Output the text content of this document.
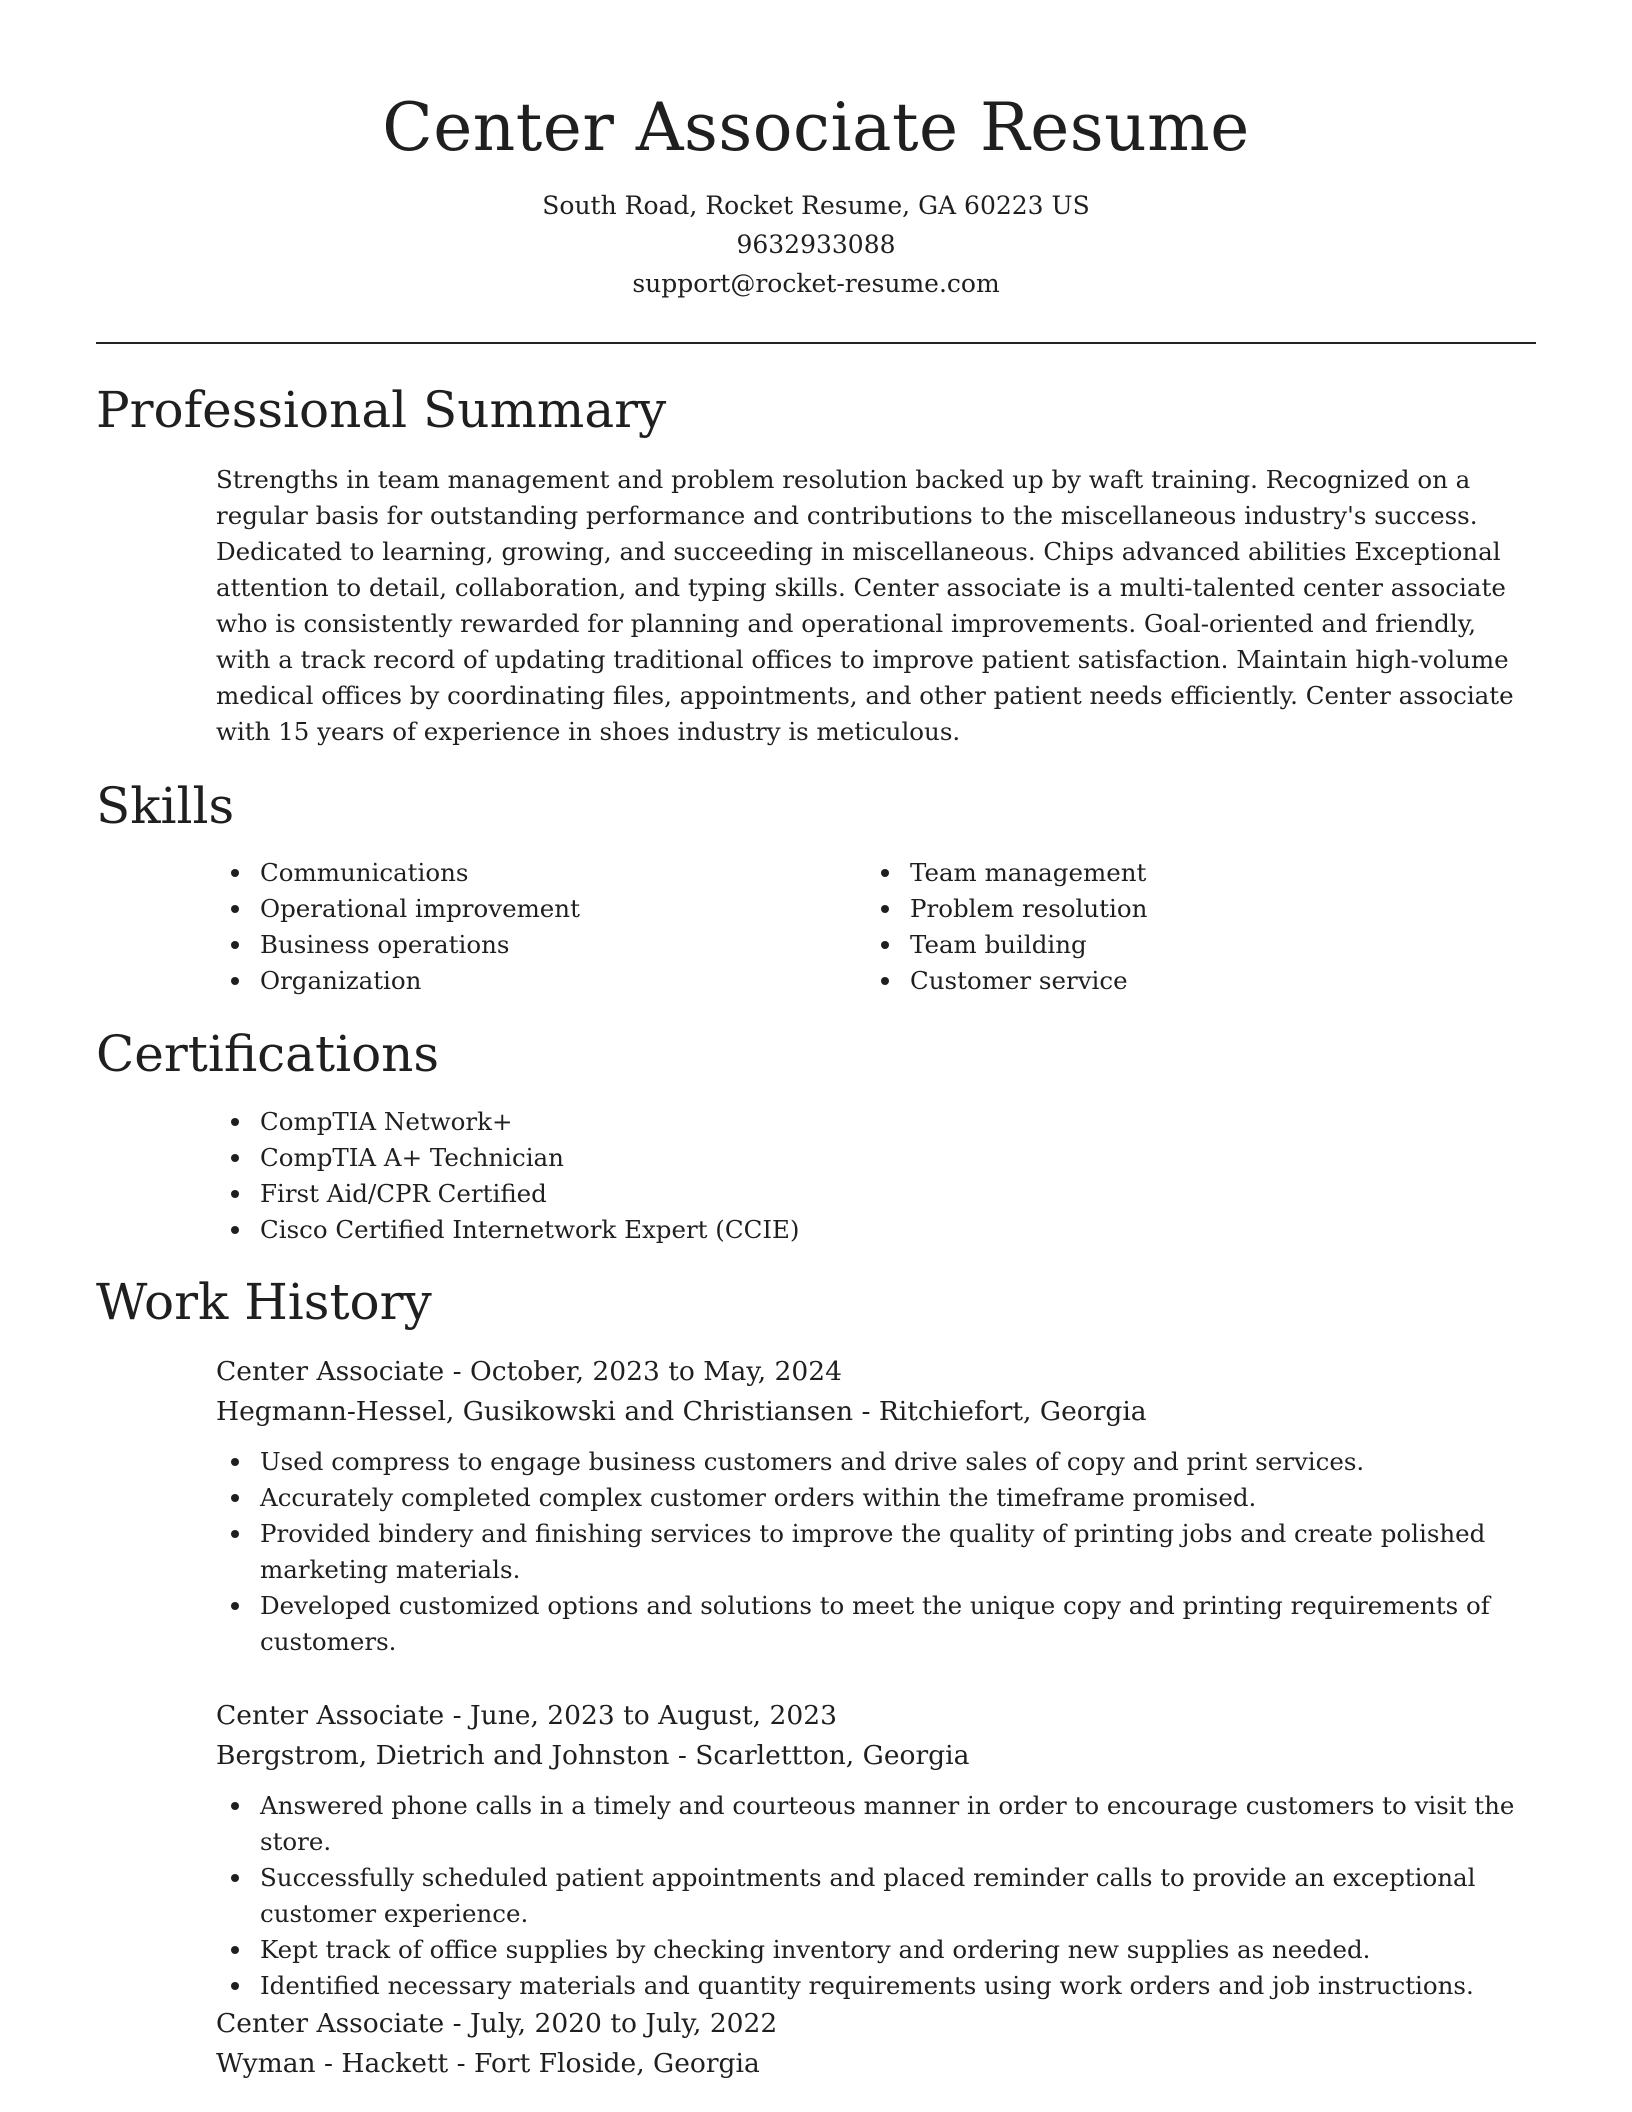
Center Associate Resume
South Road, Rocket Resume, GA 60223 US
9632933088
support@rocket-resume.com
Professional Summary

Strengths in team management and problem resolution backed up by waft training. Recognized on a regular basis for outstanding performance and contributions to the miscellaneous industry's success. Dedicated to learning, growing, and succeeding in miscellaneous. Chips advanced abilities Exceptional attention to detail, collaboration, and typing skills. Center associate is a multi-talented center associate who is consistently rewarded for planning and operational improvements. Goal-oriented and friendly, with a track record of updating traditional offices to improve patient satisfaction. Maintain high-volume medical offices by coordinating files, appointments, and other patient needs efficiently. Center associate with 15 years of experience in shoes industry is meticulous.

Skills
Communications
Operational improvement
Business operations
Organization
Team management
Problem resolution
Team building
Customer service
Certifications
CompTIA Network+
CompTIA A+ Technician
First Aid/CPR Certified
Cisco Certified Internetwork Expert (CCIE)
Work History
Center Associate - October, 2023 to May, 2024
Hegmann-Hessel, Gusikowski and Christiansen - Ritchiefort, Georgia
Used compress to engage business customers and drive sales of copy and print services.
Accurately completed complex customer orders within the timeframe promised.
Provided bindery and finishing services to improve the quality of printing jobs and create polished marketing materials.
Developed customized options and solutions to meet the unique copy and printing requirements of customers.
Center Associate - June, 2023 to August, 2023
Bergstrom, Dietrich and Johnston - Scarlettton, Georgia
Answered phone calls in a timely and courteous manner in order to encourage customers to visit the store.
Successfully scheduled patient appointments and placed reminder calls to provide an exceptional customer experience.
Kept track of office supplies by checking inventory and ordering new supplies as needed.
Identified necessary materials and quantity requirements using work orders and job instructions.
Center Associate - July, 2020 to July, 2022
Wyman - Hackett - Fort Floside, Georgia
